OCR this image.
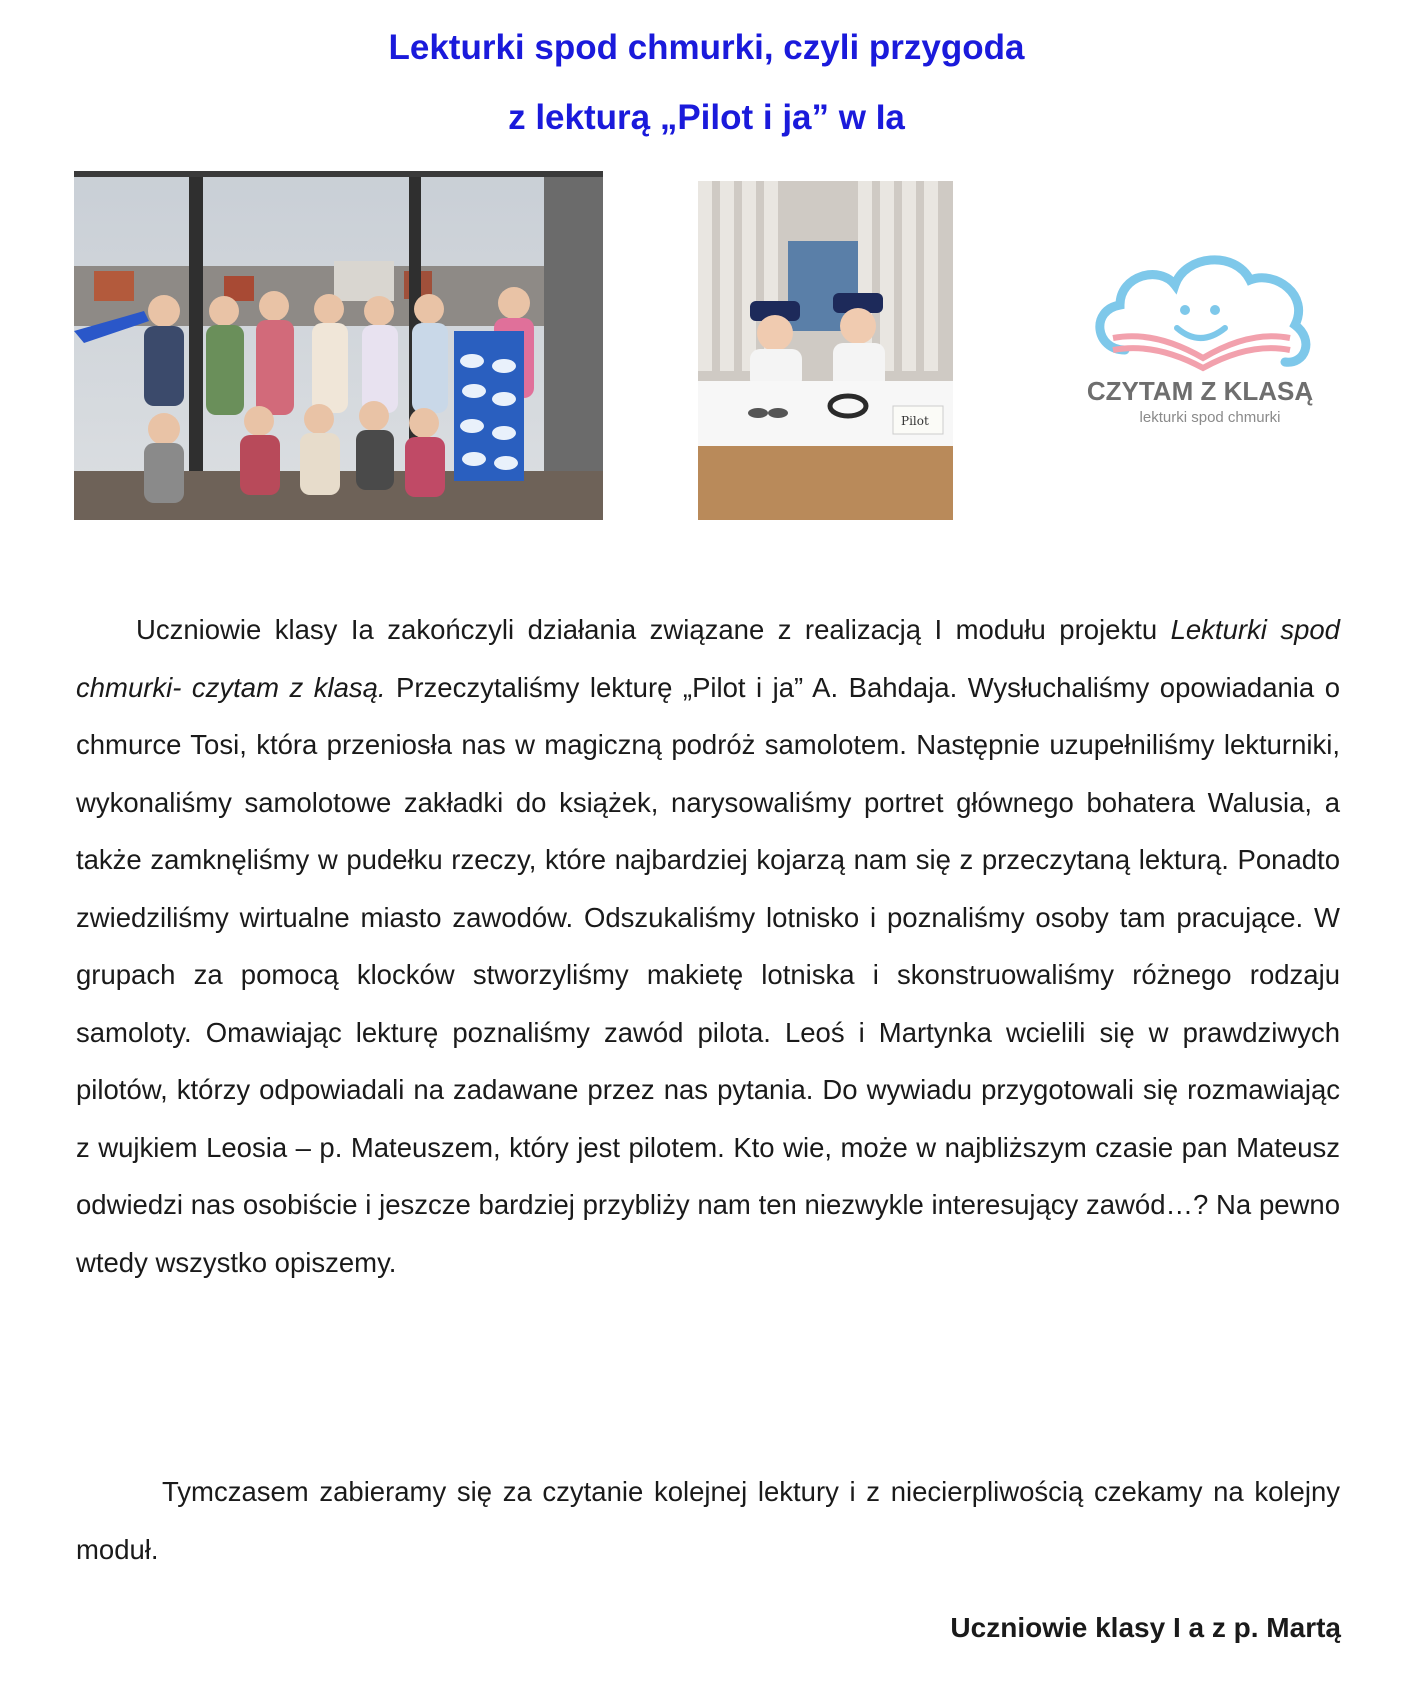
Lekturki spod chmurki, czyli przygoda
z lekturą „Pilot i ja” w Ia
Pilot
CZYTAM Z KLASĄ
lekturki spod chmurki

Uczniowie klasy Ia zakończyli działania związane z realizacją I modułu projektu Lekturki spod chmurki- czytam z klasą. Przeczytaliśmy lekturę „Pilot i ja” A. Bahdaja. Wysłuchaliśmy opowiadania o chmurce Tosi, która przeniosła nas w magiczną podróż samolotem. Następnie uzupełniliśmy lekturniki, wykonaliśmy samolotowe zakładki do książek, narysowaliśmy portret głównego bohatera Walusia, a także zamknęliśmy w pudełku rzeczy, które najbardziej kojarzą nam się z przeczytaną lekturą. Ponadto zwiedziliśmy wirtualne miasto zawodów. Odszukaliśmy lotnisko i poznaliśmy osoby tam pracujące. W grupach za pomocą klocków stworzyliśmy makietę lotniska i skonstruowaliśmy różnego rodzaju samoloty. Omawiając lekturę poznaliśmy zawód pilota. Leoś i Martynka wcielili się w prawdziwych pilotów, którzy odpowiadali na zadawane przez nas pytania. Do wywiadu przygotowali się rozmawiając z wujkiem Leosia – p. Mateuszem, który jest pilotem. Kto wie, może w najbliższym czasie pan Mateusz odwiedzi nas osobiście i jeszcze bardziej przybliży nam ten niezwykle interesujący zawód…? Na pewno wtedy wszystko opiszemy.

Tymczasem zabieramy się za czytanie kolejnej lektury i z niecierpliwością czekamy na kolejny moduł.

Uczniowie klasy I a z p. Martą
